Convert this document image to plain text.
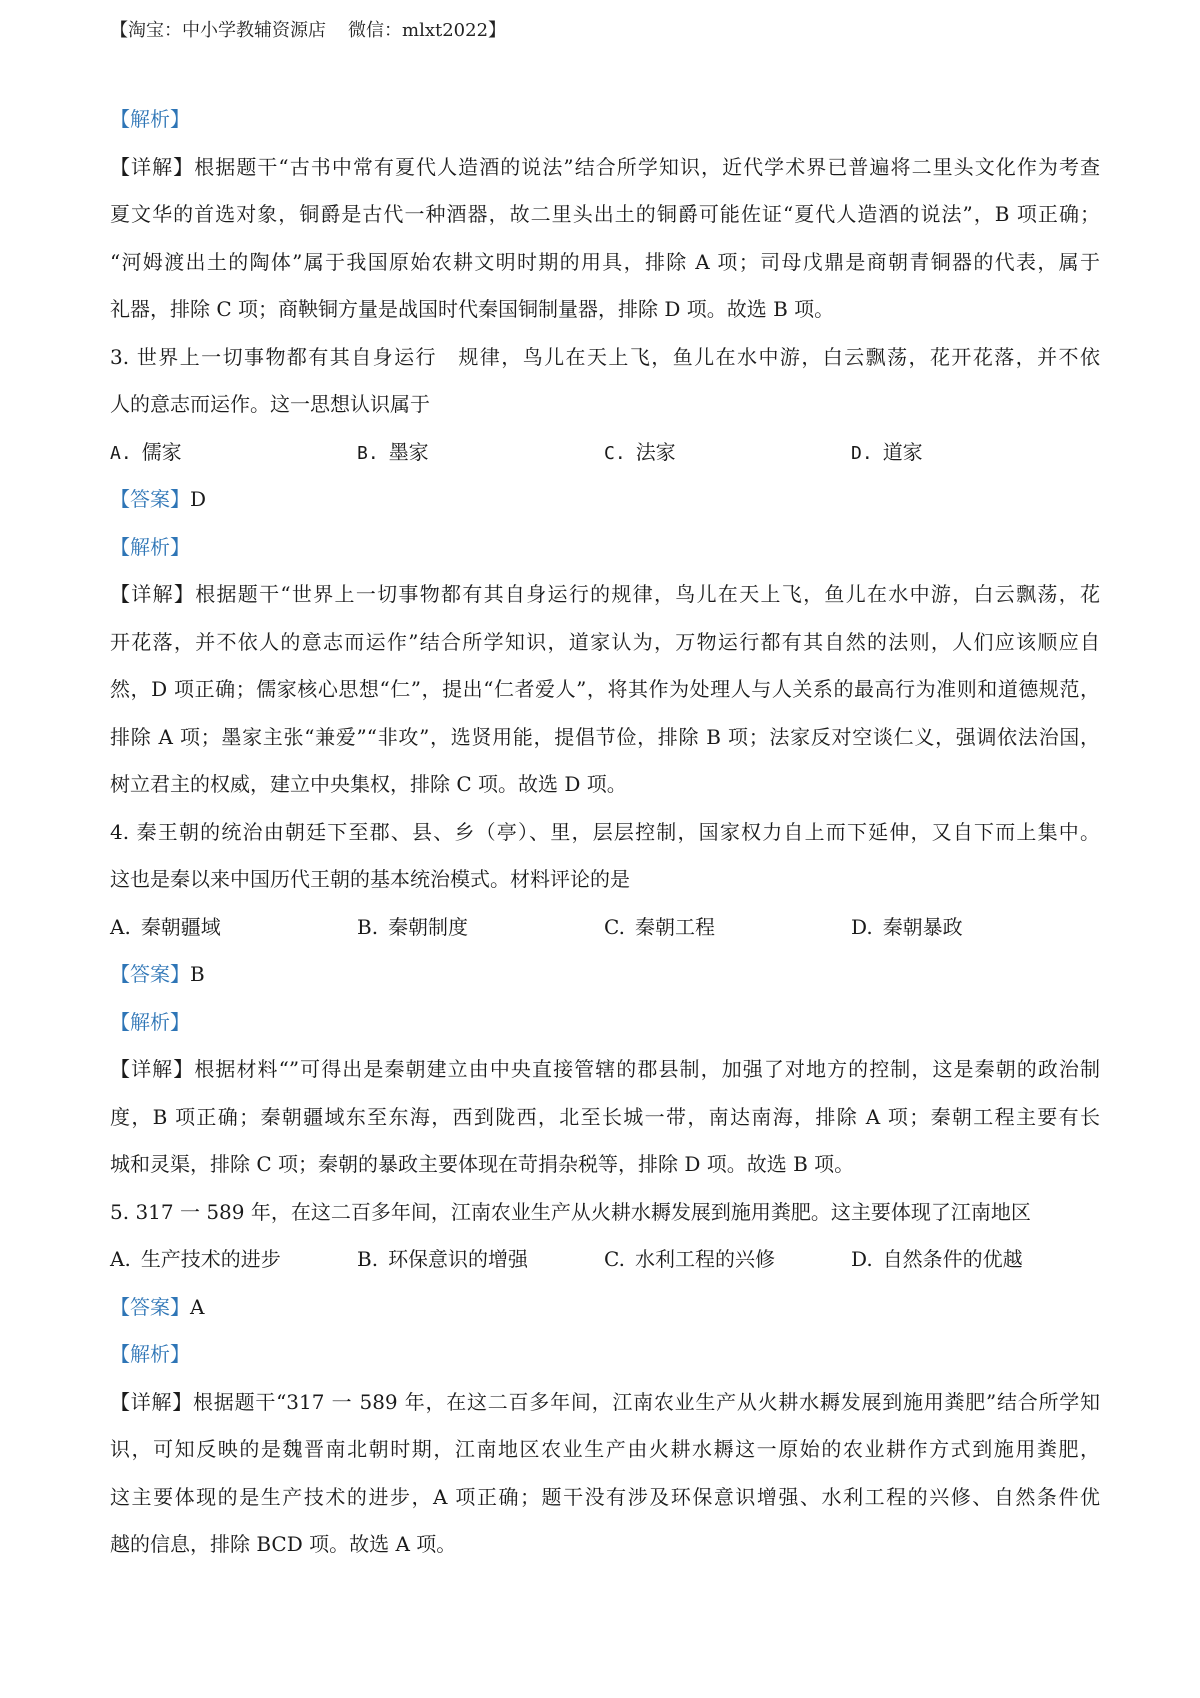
【淘宝：中小学教辅资源店 微信：mlxt2022】
【解析】
【详解】根据题干“古书中常有夏代人造酒的说法”结合所学知识，近代学术界已普遍将二里头文化作为考查
夏文华的首选对象，铜爵是古代一种酒器，故二里头出土的铜爵可能佐证“夏代人造酒的说法”，B 项正确；
“河姆渡出土的陶体”属于我国原始农耕文明时期的用具，排除 A 项；司母戊鼎是商朝青铜器的代表，属于
礼器，排除 C 项；商鞅铜方量是战国时代秦国铜制量器，排除 D 项。故选 B 项。
3. 世界上一切事物都有其自身运行　规律，鸟儿在天上飞，鱼儿在水中游，白云飘荡，花开花落，并不依
人的意志而运作。这一思想认识属于
A. 儒家	B. 墨家	C. 法家	D. 道家
【答案】D
【解析】
【详解】根据题干“世界上一切事物都有其自身运行的规律，鸟儿在天上飞，鱼儿在水中游，白云飘荡，花
开花落，并不依人的意志而运作”结合所学知识，道家认为，万物运行都有其自然的法则，人们应该顺应自
然，D 项正确；儒家核心思想“仁”，提出“仁者爱人”，将其作为处理人与人关系的最高行为准则和道德规范，
排除 A 项；墨家主张“兼爱”“非攻”，选贤用能，提倡节俭，排除 B 项；法家反对空谈仁义，强调依法治国，
树立君主的权威，建立中央集权，排除 C 项。故选 D 项。
4. 秦王朝的统治由朝廷下至郡、县、乡（亭）、里，层层控制，国家权力自上而下延伸，又自下而上集中。
这也是秦以来中国历代王朝的基本统治模式。材料评论的是
A. 秦朝疆域	B. 秦朝制度	C. 秦朝工程	D. 秦朝暴政
【答案】B
【解析】
【详解】根据材料“”可得出是秦朝建立由中央直接管辖的郡县制，加强了对地方的控制，这是秦朝的政治制
度，B 项正确；秦朝疆域东至东海，西到陇西，北至长城一带，南达南海，排除 A 项；秦朝工程主要有长
城和灵渠，排除 C 项；秦朝的暴政主要体现在苛捐杂税等，排除 D 项。故选 B 项。
5. 317 一 589 年，在这二百多年间，江南农业生产从火耕水耨发展到施用粪肥。这主要体现了江南地区
A. 生产技术的进步	B. 环保意识的增强	C. 水利工程的兴修	D. 自然条件的优越
【答案】A
【解析】
【详解】根据题干“317 一 589 年，在这二百多年间，江南农业生产从火耕水耨发展到施用粪肥”结合所学知
识，可知反映的是魏晋南北朝时期，江南地区农业生产由火耕水耨这一原始的农业耕作方式到施用粪肥，
这主要体现的是生产技术的进步，A 项正确；题干没有涉及环保意识增强、水利工程的兴修、自然条件优
越的信息，排除 BCD 项。故选 A 项。
